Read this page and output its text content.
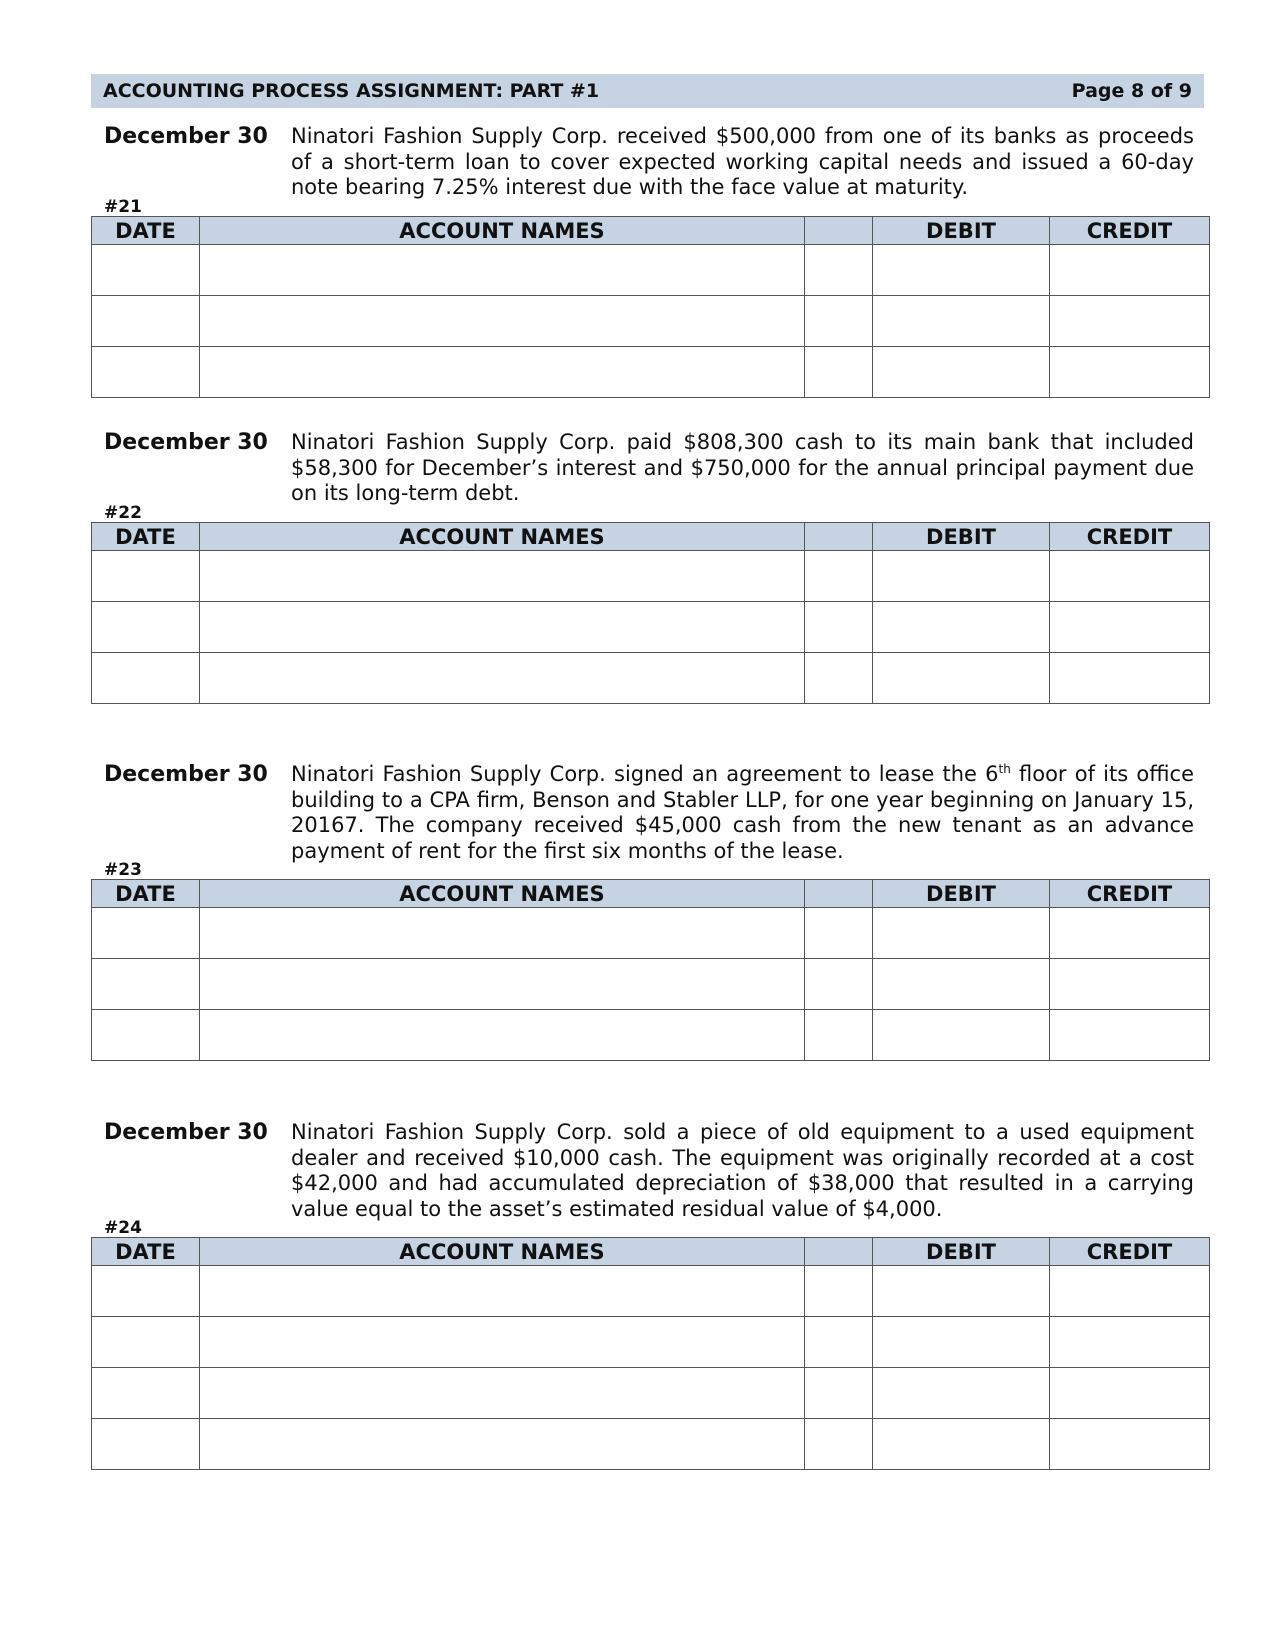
ACCOUNTING PROCESS ASSIGNMENT: PART #1	Page 8 of 9
December 30 Ninatori Fashion Supply Corp. received $500,000 from one of its banks as proceeds of a short-term loan to cover expected working capital needs and issued a 60-day note bearing 7.25% interest due with the face value at maturity.
#21
DATE	ACCOUNT NAMES		DEBIT	CREDIT

December 30 Ninatori Fashion Supply Corp. paid $808,300 cash to its main bank that included $58,300 for December’s interest and $750,000 for the annual principal payment due on its long-term debt.
#22
DATE	ACCOUNT NAMES		DEBIT	CREDIT

December 30 Ninatori Fashion Supply Corp. signed an agreement to lease the 6th floor of its office building to a CPA firm, Benson and Stabler LLP, for one year beginning on January 15, 20167. The company received $45,000 cash from the new tenant as an advance payment of rent for the first six months of the lease.
#23
DATE	ACCOUNT NAMES		DEBIT	CREDIT

December 30 Ninatori Fashion Supply Corp. sold a piece of old equipment to a used equipment dealer and received $10,000 cash. The equipment was originally recorded at a cost $42,000 and had accumulated depreciation of $38,000 that resulted in a carrying value equal to the asset’s estimated residual value of $4,000.
#24
DATE	ACCOUNT NAMES		DEBIT	CREDIT
